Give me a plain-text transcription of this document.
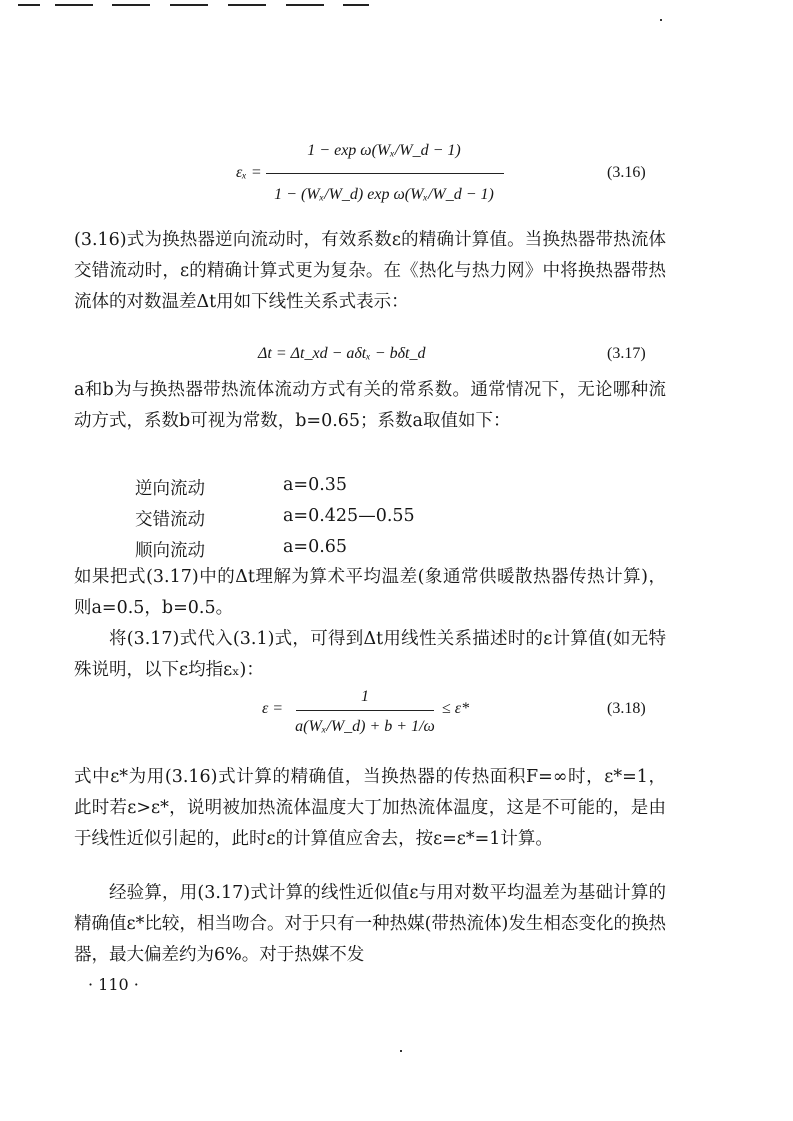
εₓ =
1 − exp ω(Wₓ/W_d − 1)
1 − (Wₓ/W_d) exp ω(Wₓ/W_d − 1)
(3.16)

(3.16)式为换热器逆向流动时，有效系数ε的精确计算值。当换热器带热流体交错流动时，ε的精确计算式更为复杂。在《热化与热力网》中将换热器带热流体的对数温差Δt用如下线性关系式表示：

Δt = Δt_xd − aδtₓ − bδt_d	(3.17)

a和b为与换热器带热流体流动方式有关的常系数。通常情况下，无论哪种流动方式，系数b可视为常数，b=0.65；系数a取值如下：

逆向流动	a=0.35
交错流动	a=0.425—0.55
顺向流动	a=0.65

如果把式(3.17)中的Δt理解为算术平均温差(象通常供暖散热器传热计算)，则a=0.5，b=0.5。

将(3.17)式代入(3.1)式，可得到Δt用线性关系描述时的ε计算值(如无特殊说明，以下ε均指εₓ)：

ε =
1
a(Wₓ/W_d) + b + 1/ω
≤ ε*	(3.18)

式中ε*为用(3.16)式计算的精确值，当换热器的传热面积F=∞时，ε*=1，此时若ε>ε*，说明被加热流体温度大丁加热流体温度，这是不可能的，是由于线性近似引起的，此时ε的计算值应舍去，按ε=ε*=1计算。

经验算，用(3.17)式计算的线性近似值ε与用对数平均温差为基础计算的精确值ε*比较，相当吻合。对于只有一种热媒(带热流体)发生相态变化的换热器，最大偏差约为6%。对于热媒不发

· 110 ·
